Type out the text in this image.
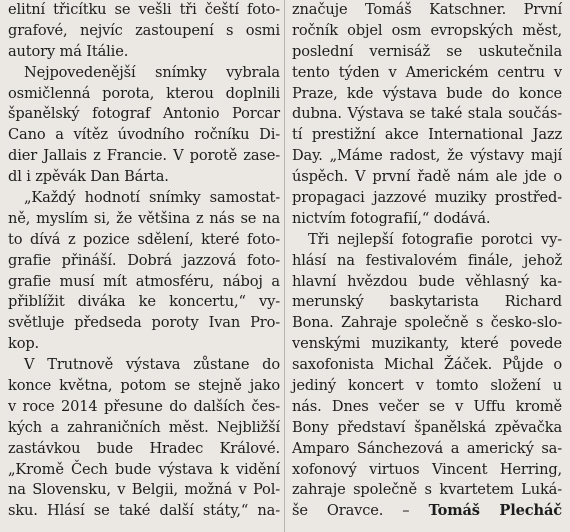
elitní třicítku se vešli tři čeští foto-
grafové, nejvíc zastoupení s osmi
autory má Itálie.
Nejpovedenější snímky vybrala
osmičlenná porota, kterou doplnili
španělský fotograf Antonio Porcar
Cano a vítěz úvodního ročníku Di-
dier Jallais z Francie. V porotě zase-
dl i zpěvák Dan Bárta.
„Každý hodnotí snímky samostat-
ně, myslím si, že většina z nás se na
to dívá z pozice sdělení, které foto-
grafie přináší. Dobrá jazzová foto-
grafie musí mít atmosféru, náboj a
přiblížit diváka ke koncertu,“ vy-
světluje předseda poroty Ivan Pro-
kop.
V Trutnově výstava zůstane do
konce května, potom se stejně jako
v roce 2014 přesune do dalších čes-
kých a zahraničních měst. Nejbližší
zastávkou bude Hradec Králové.
„Kromě Čech bude výstava k vidění
na Slovensku, v Belgii, možná v Pol-
sku. Hlásí se také další státy,“ na-
značuje Tomáš Katschner. První
ročník objel osm evropských měst,
poslední vernisáž se uskutečnila
tento týden v Americkém centru v
Praze, kde výstava bude do konce
dubna. Výstava se také stala součás-
tí prestižní akce International Jazz
Day. „Máme radost, že výstavy mají
úspěch. V první řadě nám ale jde o
propagaci jazzové muziky prostřed-
nictvím fotografií,“ dodává.
Tři nejlepší fotografie porotci vy-
hlásí na festivalovém finále, jehož
hlavní hvězdou bude věhlasný ka-
merunský baskytarista Richard
Bona. Zahraje společně s česko-slo-
venskými muzikanty, které povede
saxofonista Michal Žáček. Půjde o
jediný koncert v tomto složení u
nás. Dnes večer se v Uffu kromě
Bony představí španělská zpěvačka
Amparo Sánchezová a americký sa-
xofonový virtuos Vincent Herring,
zahraje společně s kvartetem Luká-
še Oravce. – Tomáš Plecháč
